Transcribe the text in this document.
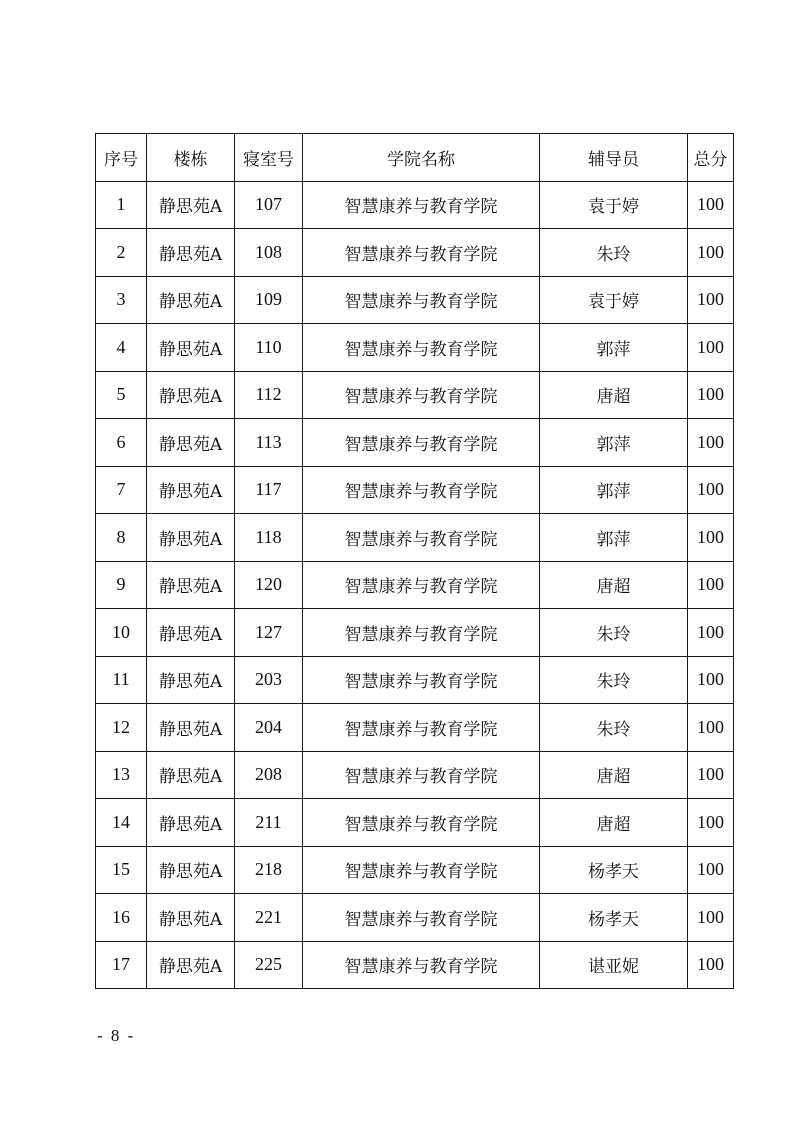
序号	楼栋	寝室号	学院名称	辅导员	总分
1	静思苑A	107	智慧康养与教育学院	袁于婷	100
2	静思苑A	108	智慧康养与教育学院	朱玲	100
3	静思苑A	109	智慧康养与教育学院	袁于婷	100
4	静思苑A	110	智慧康养与教育学院	郭萍	100
5	静思苑A	112	智慧康养与教育学院	唐超	100
6	静思苑A	113	智慧康养与教育学院	郭萍	100
7	静思苑A	117	智慧康养与教育学院	郭萍	100
8	静思苑A	118	智慧康养与教育学院	郭萍	100
9	静思苑A	120	智慧康养与教育学院	唐超	100
10	静思苑A	127	智慧康养与教育学院	朱玲	100
11	静思苑A	203	智慧康养与教育学院	朱玲	100
12	静思苑A	204	智慧康养与教育学院	朱玲	100
13	静思苑A	208	智慧康养与教育学院	唐超	100
14	静思苑A	211	智慧康养与教育学院	唐超	100
15	静思苑A	218	智慧康养与教育学院	杨孝天	100
16	静思苑A	221	智慧康养与教育学院	杨孝天	100
17	静思苑A	225	智慧康养与教育学院	谌亚妮	100
- 8 -
